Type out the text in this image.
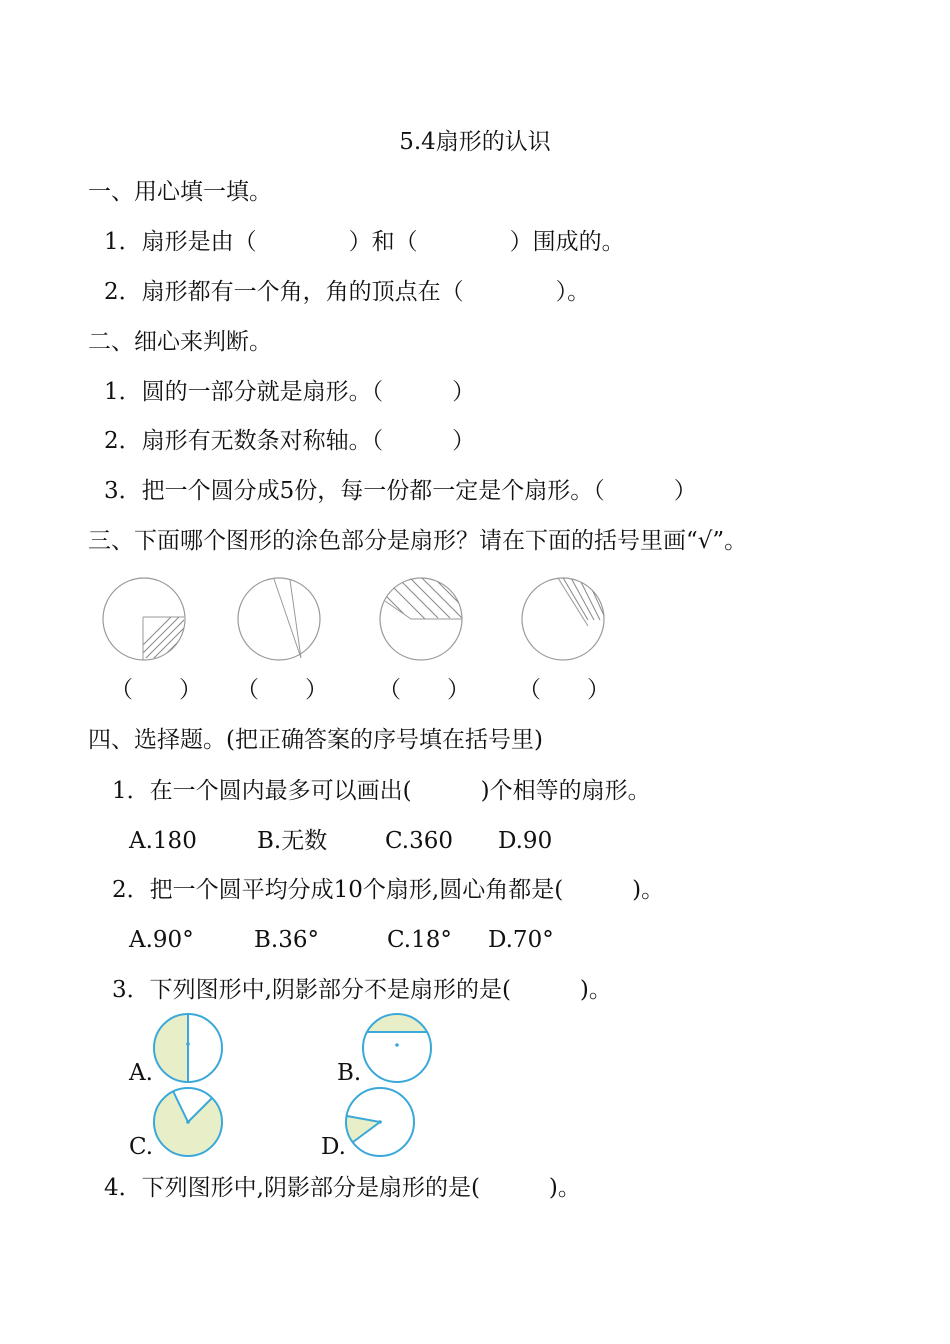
5.4扇形的认识
一、用心填一填。
1．扇形是由（　　　　）和（　　　　）围成的。
2．扇形都有一个角，角的顶点在（　　　　）。
二、细心来判断。
1．圆的一部分就是扇形。（　　　）
2．扇形有无数条对称轴。（　　　）
3．把一个圆分成5份，每一份都一定是个扇形。（　　　）
三、下面哪个图形的涂色部分是扇形？请在下面的括号里画“√”。
（　　） （　　） （　　） （　　）
四、选择题。(把正确答案的序号填在括号里)
1．在一个圆内最多可以画出(　　　)个相等的扇形。
A.180	B.无数	C.360 D.90
2．把一个圆平均分成10个扇形,圆心角都是(　　　)。
A.90°	B.36°	C.18° D.70°
3．下列图形中,阴影部分不是扇形的是(　　　)。
A.	B.
C.	D.
4．下列图形中,阴影部分是扇形的是(　　　)。
